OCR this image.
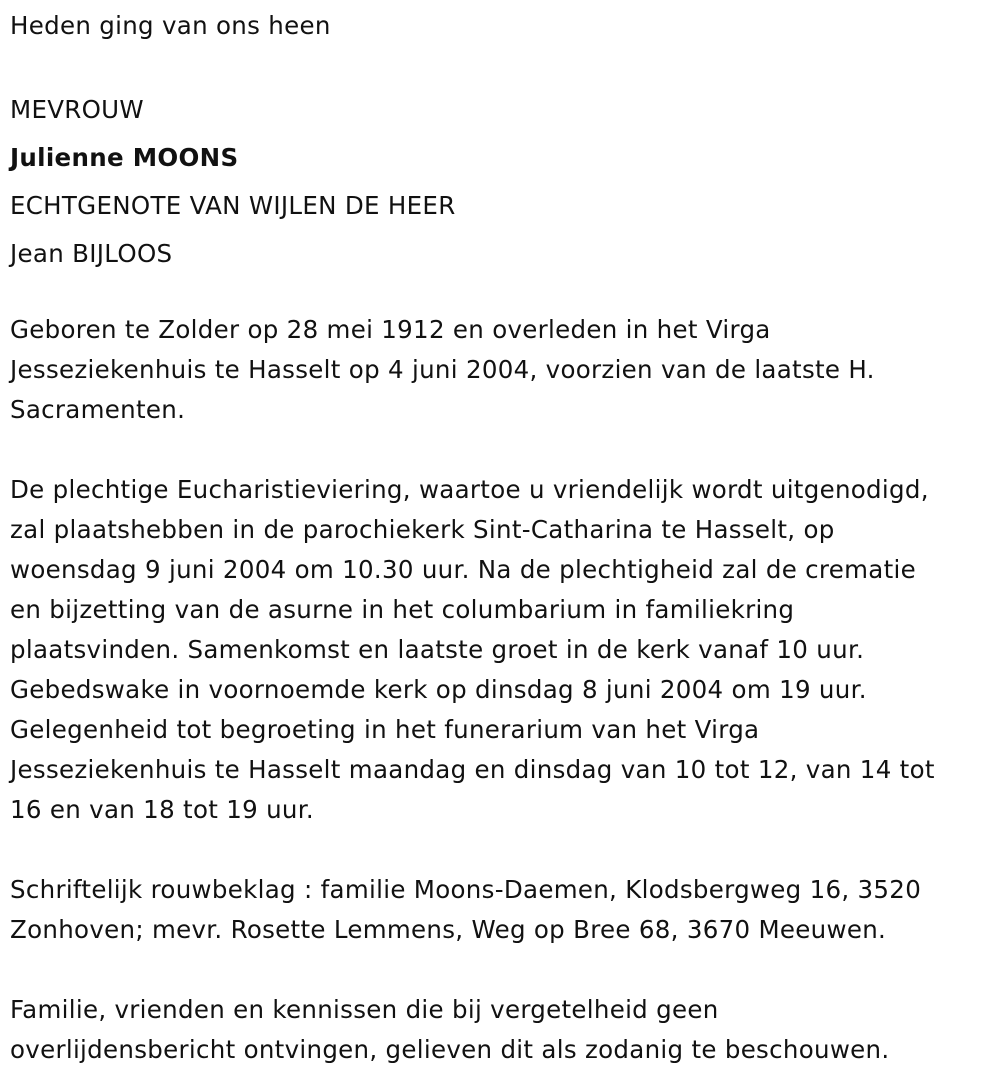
Heden ging van ons heen
MEVROUW
Julienne MOONS
ECHTGENOTE VAN WIJLEN DE HEER
Jean BIJLOOS
Geboren te Zolder op 28 mei 1912 en overleden in het Virga
Jesseziekenhuis te Hasselt op 4 juni 2004, voorzien van de laatste H.
Sacramenten.
De plechtige Eucharistieviering, waartoe u vriendelijk wordt uitgenodigd,
zal plaatshebben in de parochiekerk Sint-Catharina te Hasselt, op
woensdag 9 juni 2004 om 10.30 uur. Na de plechtigheid zal de crematie
en bijzetting van de asurne in het columbarium in familiekring
plaatsvinden. Samenkomst en laatste groet in de kerk vanaf 10 uur.
Gebedswake in voornoemde kerk op dinsdag 8 juni 2004 om 19 uur.
Gelegenheid tot begroeting in het funerarium van het Virga
Jesseziekenhuis te Hasselt maandag en dinsdag van 10 tot 12, van 14 tot
16 en van 18 tot 19 uur.
Schriftelijk rouwbeklag : familie Moons-Daemen, Klodsbergweg 16, 3520
Zonhoven; mevr. Rosette Lemmens, Weg op Bree 68, 3670 Meeuwen.
Familie, vrienden en kennissen die bij vergetelheid geen
overlijdensbericht ontvingen, gelieven dit als zodanig te beschouwen.
